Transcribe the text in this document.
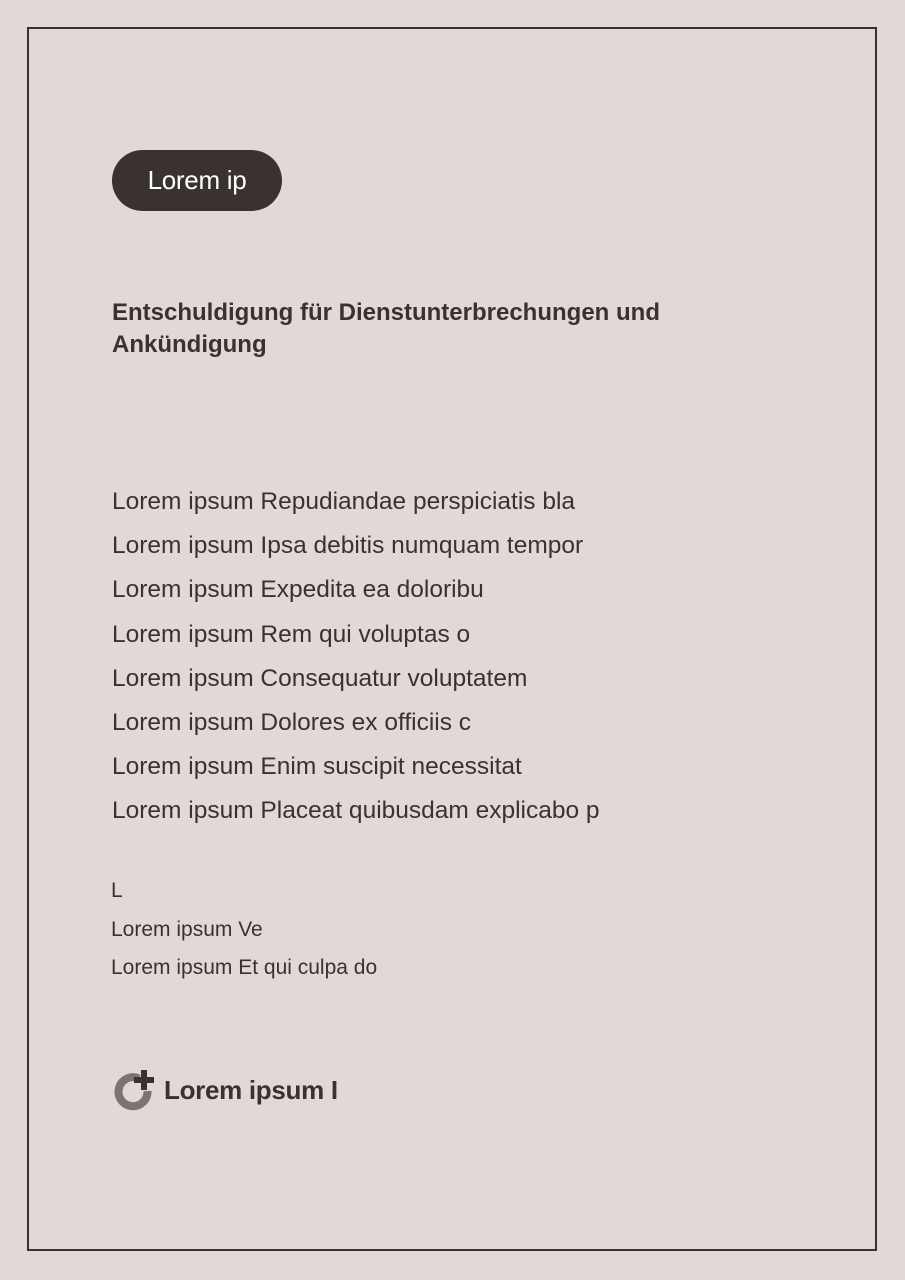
Lorem ip
Entschuldigung für Dienstunterbrechungen und Ankündigung
Lorem ipsum Repudiandae perspiciatis bla
Lorem ipsum Ipsa debitis numquam tempor
Lorem ipsum Expedita ea doloribu
Lorem ipsum Rem qui voluptas o
Lorem ipsum Consequatur voluptatem
Lorem ipsum Dolores ex officiis c
Lorem ipsum Enim suscipit necessitat
Lorem ipsum Placeat quibusdam explicabo p
L
Lorem ipsum Ve
Lorem ipsum Et qui culpa do
Lorem ipsum I
